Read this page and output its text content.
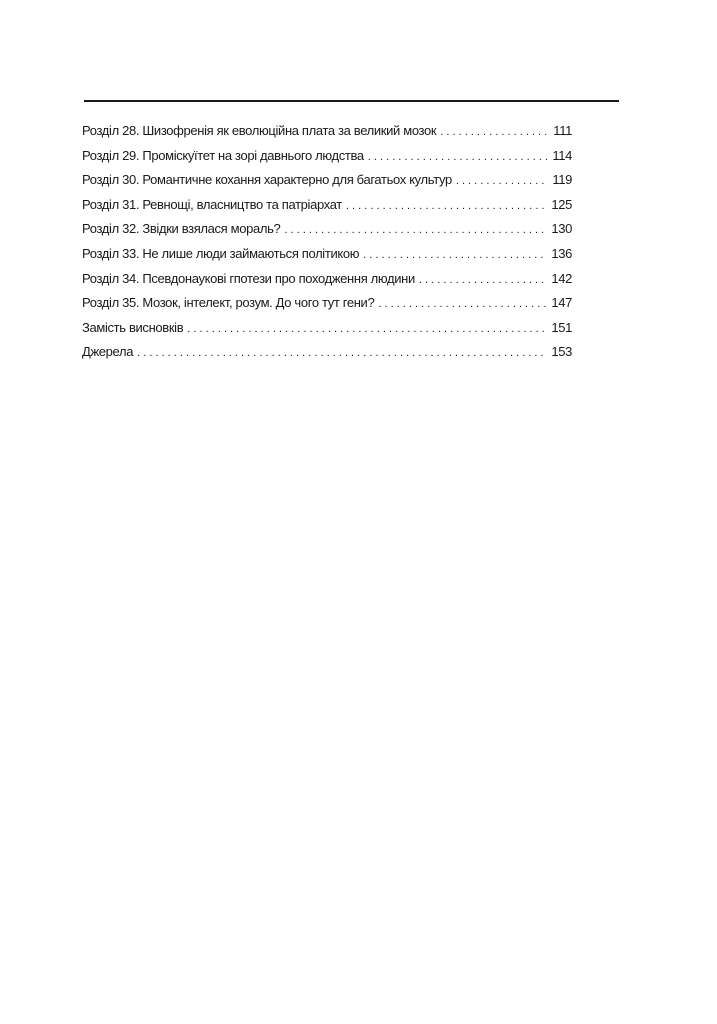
Розділ 28. Шизофренія як еволюційна плата за великий мозок . . .	111
Розділ 29. Проміскуїтет на зорі давнього людства . . .	114
Розділ 30. Романтичне кохання характерно для багатьох культур . . .	119
Розділ 31. Ревнощі, власництво та патріархат . . .	125
Розділ 32. Звідки взялася мораль? . . .	130
Розділ 33. Не лише люди займаються політикою . . .	136
Розділ 34. Псевдонаукові гпотези про походження людини . . .	142
Розділ 35. Мозок, інтелект, розум. До чого тут гени? . . .	147
Замість висновків . . .	151
Джерела . . .	153
